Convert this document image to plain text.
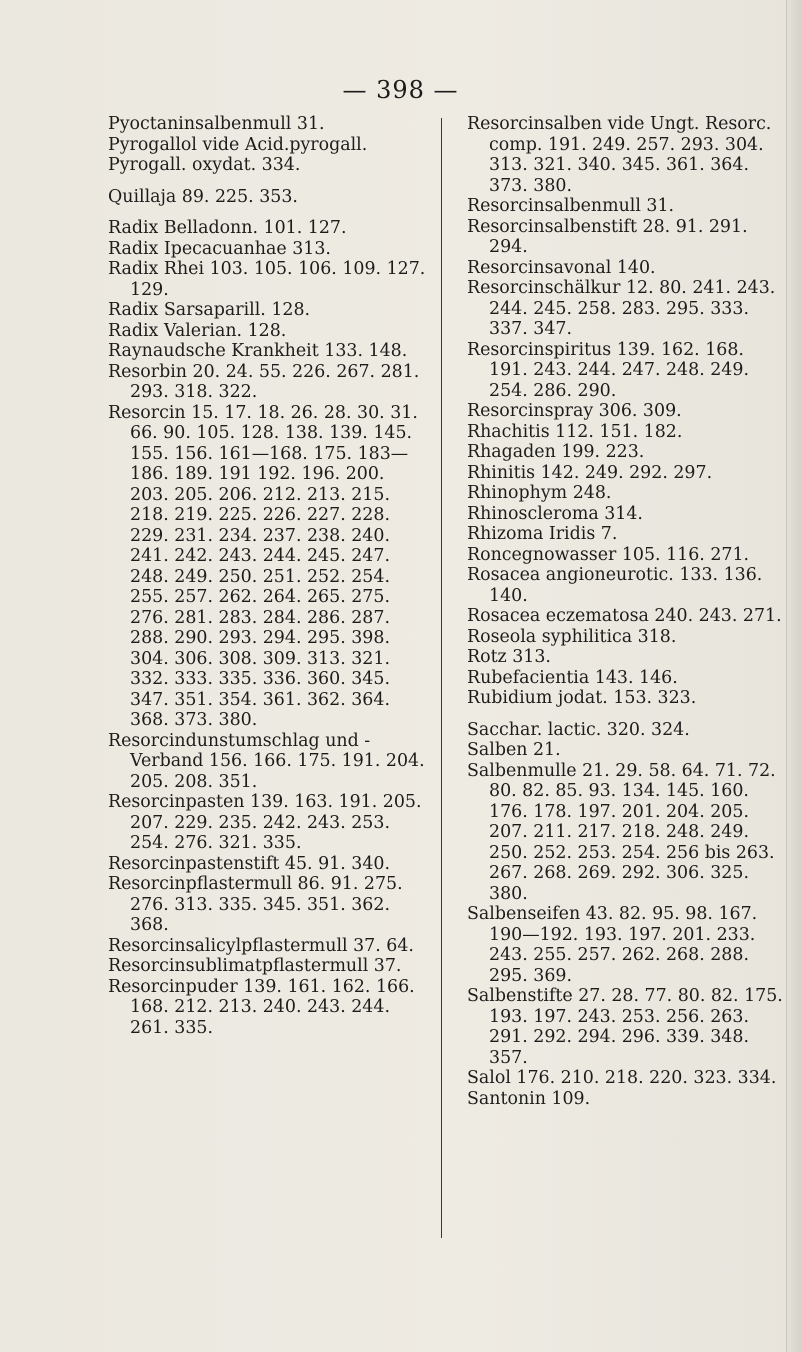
— 398 —

Pyoctaninsalbenmull 31.

Pyrogallol vide Acid.pyrogall.

Pyrogall. oxydat. 334.

Quillaja 89. 225. 353.

Radix Belladonn. 101. 127.

Radix Ipecacuanhae 313.

Radix Rhei 103. 105. 106. 109. 127. 129.

Radix Sarsaparill. 128.

Radix Valerian. 128.

Raynaudsche Krankheit 133. 148.

Resorbin 20. 24. 55. 226. 267. 281. 293. 318. 322.

Resorcin 15. 17. 18. 26. 28. 30. 31. 66. 90. 105. 128. 138. 139. 145. 155. 156. 161—168. 175. 183—186. 189. 191 192. 196. 200. 203. 205. 206. 212. 213. 215. 218. 219. 225. 226. 227. 228. 229. 231. 234. 237. 238. 240. 241. 242. 243. 244. 245. 247. 248. 249. 250. 251. 252. 254. 255. 257. 262. 264. 265. 275. 276. 281. 283. 284. 286. 287. 288. 290. 293. 294. 295. 398. 304. 306. 308. 309. 313. 321. 332. 333. 335. 336. 360. 345. 347. 351. 354. 361. 362. 364. 368. 373. 380.

Resorcindunstumschlag und -Verband 156. 166. 175. 191. 204. 205. 208. 351.

Resorcinpasten 139. 163. 191. 205. 207. 229. 235. 242. 243. 253. 254. 276. 321. 335.

Resorcinpastenstift 45. 91. 340.

Resorcinpflastermull 86. 91. 275. 276. 313. 335. 345. 351. 362. 368.

Resorcinsalicylpflastermull 37. 64.

Resorcinsublimatpflastermull 37.

Resorcinpuder 139. 161. 162. 166. 168. 212. 213. 240. 243. 244. 261. 335.

Resorcinsalben vide Ungt. Resorc. comp. 191. 249. 257. 293. 304. 313. 321. 340. 345. 361. 364. 373. 380.

Resorcinsalbenmull 31.

Resorcinsalbenstift 28. 91. 291. 294.

Resorcinsavonal 140.

Resorcinschälkur 12. 80. 241. 243. 244. 245. 258. 283. 295. 333. 337. 347.

Resorcinspiritus 139. 162. 168. 191. 243. 244. 247. 248. 249. 254. 286. 290.

Resorcinspray 306. 309.

Rhachitis 112. 151. 182.

Rhagaden 199. 223.

Rhinitis 142. 249. 292. 297.

Rhinophym 248.

Rhinoscleroma 314.

Rhizoma Iridis 7.

Roncegnowasser 105. 116. 271.

Rosacea angioneurotic. 133. 136. 140.

Rosacea eczematosa 240. 243. 271.

Roseola syphilitica 318.

Rotz 313.

Rubefacientia 143. 146.

Rubidium jodat. 153. 323.

Sacchar. lactic. 320. 324.

Salben 21.

Salbenmulle 21. 29. 58. 64. 71. 72. 80. 82. 85. 93. 134. 145. 160. 176. 178. 197. 201. 204. 205. 207. 211. 217. 218. 248. 249. 250. 252. 253. 254. 256 bis 263. 267. 268. 269. 292. 306. 325. 380.

Salbenseifen 43. 82. 95. 98. 167. 190—192. 193. 197. 201. 233. 243. 255. 257. 262. 268. 288. 295. 369.

Salbenstifte 27. 28. 77. 80. 82. 175. 193. 197. 243. 253. 256. 263. 291. 292. 294. 296. 339. 348. 357.

Salol 176. 210. 218. 220. 323. 334.

Santonin 109.
